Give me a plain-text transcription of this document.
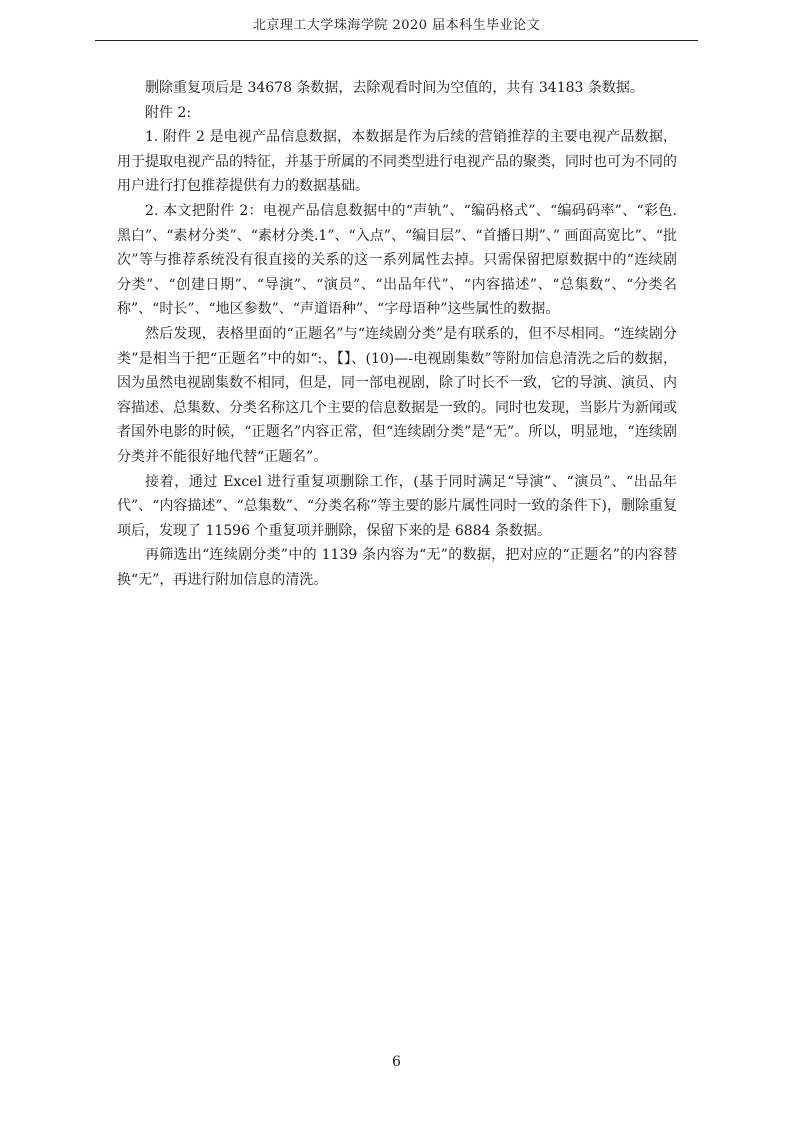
北京理工大学珠海学院 2020 届本科生毕业论文

删除重复项后是 34678 条数据，去除观看时间为空值的，共有 34183 条数据。

附件 2:

1. 附件 2 是电视产品信息数据，本数据是作为后续的营销推荐的主要电视产品数据，用于提取电视产品的特征，并基于所属的不同类型进行电视产品的聚类，同时也可为不同的用户进行打包推荐提供有力的数据基础。

2. 本文把附件 2：电视产品信息数据中的“声轨”、“编码格式”、“编码码率”、“彩色. 黑白”、“素材分类”、“素材分类.1”、“入点”、“编目层”、“首播日期”、” 画面高宽比”、“批次”等与推荐系统没有很直接的关系的这一系列属性去掉。只需保留把原数据中的“连续剧分类”、“创建日期”、“导演”、“演员”、“出品年代”、“内容描述”、“总集数”、“分类名称”、“时长”、“地区参数”、“声道语种”、“字母语种”这些属性的数据。

然后发现，表格里面的“正题名”与“连续剧分类”是有联系的，但不尽相同。“连续剧分类”是相当于把“正题名”中的如“:、【】、(10)—-电视剧集数”等附加信息清洗之后的数据，因为虽然电视剧集数不相同，但是，同一部电视剧，除了时长不一致，它的导演、演员、内容描述、总集数、分类名称这几个主要的信息数据是一致的。同时也发现，当影片为新闻或者国外电影的时候，“正题名”内容正常，但“连续剧分类”是“无”。所以，明显地，“连续剧分类并不能很好地代替“正题名”。

接着，通过 Excel 进行重复项删除工作，(基于同时满足“导演”、“演员”、“出品年代”、“内容描述”、“总集数”、“分类名称”等主要的影片属性同时一致的条件下)，删除重复项后，发现了 11596 个重复项并删除，保留下来的是 6884 条数据。

再筛选出“连续剧分类”中的 1139 条内容为“无”的数据，把对应的“正题名”的内容替换“无”，再进行附加信息的清洗。

6
